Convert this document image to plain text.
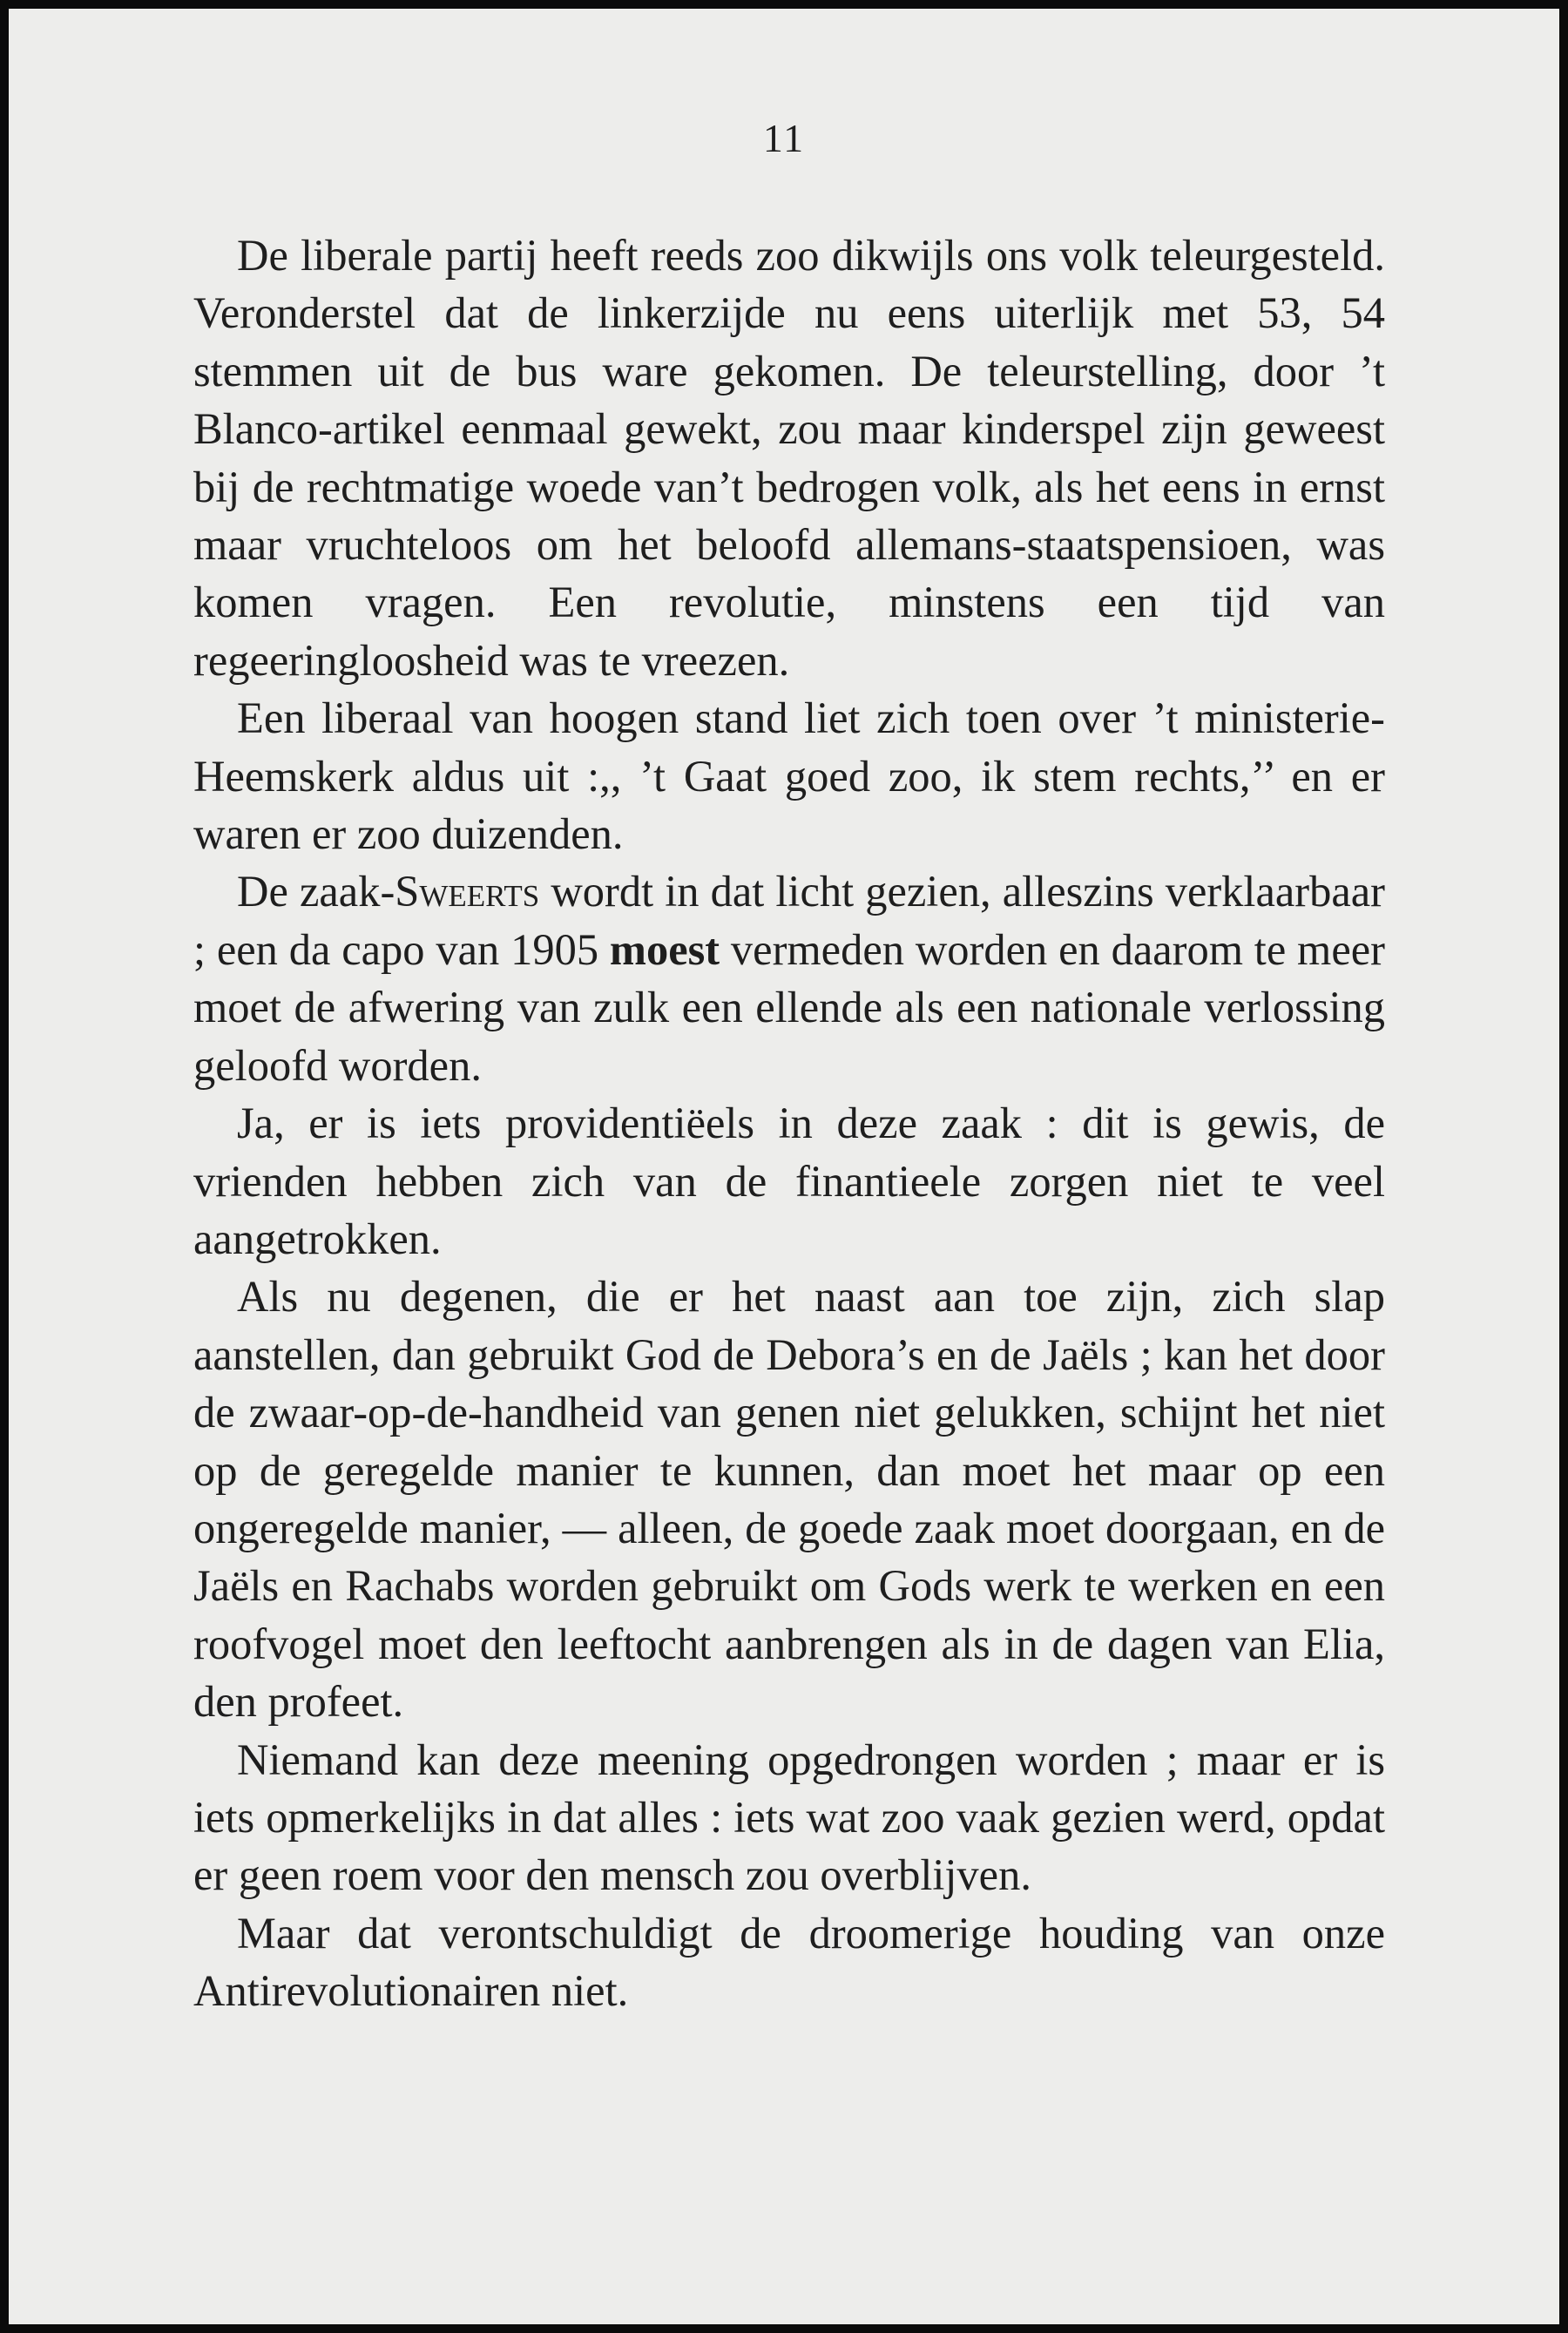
11

De liberale partij heeft reeds zoo dikwijls ons volk teleurgesteld. Veronderstel dat de linkerzijde nu eens uiterlijk met 53, 54 stemmen uit de bus ware gekomen. De teleurstelling, door ’t Blanco-artikel eenmaal gewekt, zou maar kinderspel zijn geweest bij de rechtmatige woede van’t bedrogen volk, als het eens in ernst maar vruchteloos om het beloofd allemans-staatspensioen, was komen vragen. Een revolutie, minstens een tijd van regeeringloosheid was te vreezen.

Een liberaal van hoogen stand liet zich toen over ’t ministerie-Heemskerk aldus uit :,, ’t Gaat goed zoo, ik stem rechts,’’ en er waren er zoo duizenden.

De zaak-Sweerts wordt in dat licht gezien, alleszins verklaarbaar ; een da capo van 1905 moest vermeden worden en daarom te meer moet de afwering van zulk een ellende als een nationale verlossing geloofd worden.

Ja, er is iets providentiëels in deze zaak : dit is gewis, de vrienden hebben zich van de finantieele zorgen niet te veel aangetrokken.

Als nu degenen, die er het naast aan toe zijn, zich slap aanstellen, dan gebruikt God de Debora’s en de Jaëls ; kan het door de zwaar-op-de-handheid van genen niet gelukken, schijnt het niet op de geregelde manier te kunnen, dan moet het maar op een ongeregelde manier, — alleen, de goede zaak moet doorgaan, en de Jaëls en Rachabs worden gebruikt om Gods werk te werken en een roofvogel moet den leeftocht aanbrengen als in de dagen van Elia, den profeet.

Niemand kan deze meening opgedrongen worden ; maar er is iets opmerkelijks in dat alles : iets wat zoo vaak gezien werd, opdat er geen roem voor den mensch zou overblijven.

Maar dat verontschuldigt de droomerige houding van onze Antirevolutionairen niet.
